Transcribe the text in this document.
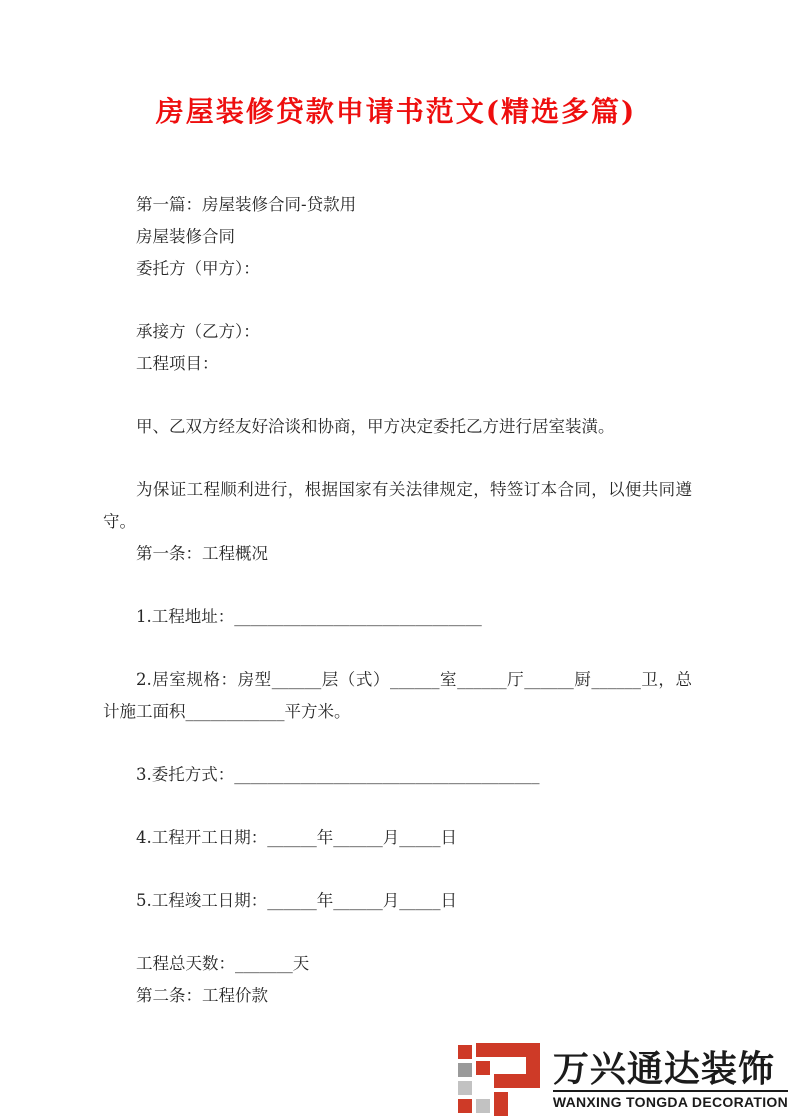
房屋装修贷款申请书范文(精选多篇)

第一篇：房屋装修合同-贷款用

房屋装修合同

委托方（甲方）：

承接方（乙方）：

工程项目：

甲、乙双方经友好洽谈和协商，甲方决定委托乙方进行居室装潢。

为保证工程顺利进行，根据国家有关法律规定，特签订本合同，以便共同遵守。

第一条：工程概况

1.工程地址：______________________________

2.居室规格：房型______层（式）______室______厅______厨______卫，总计施工面积____________平方米。

3.委托方式：_____________________________________

4.工程开工日期：______年______月_____日

5.工程竣工日期：______年______月_____日

工程总天数：_______天

第二条：工程价款

万兴通达装饰
WANXING TONGDA DECORATION
